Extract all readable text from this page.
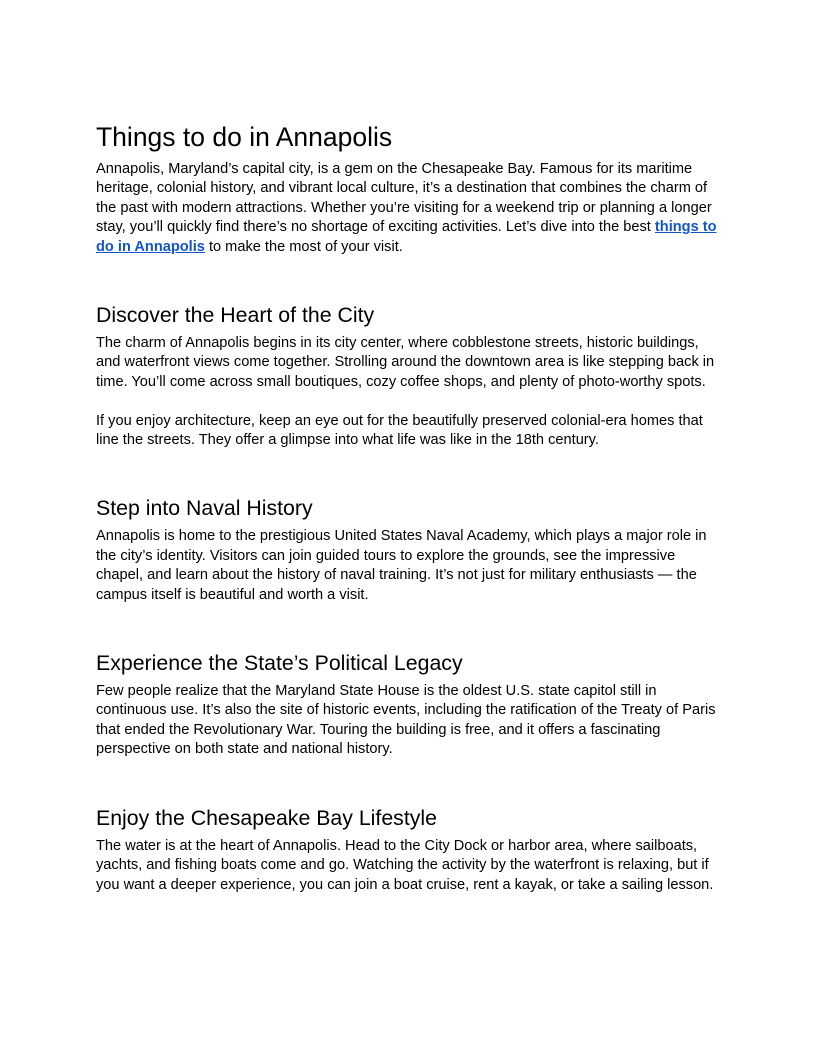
Things to do in Annapolis

Annapolis, Maryland’s capital city, is a gem on the Chesapeake Bay. Famous for its maritime heritage, colonial history, and vibrant local culture, it’s a destination that combines the charm of the past with modern attractions. Whether you’re visiting for a weekend trip or planning a longer stay, you’ll quickly find there’s no shortage of exciting activities. Let’s dive into the best things to do in Annapolis to make the most of your visit.

Discover the Heart of the City

The charm of Annapolis begins in its city center, where cobblestone streets, historic buildings, and waterfront views come together. Strolling around the downtown area is like stepping back in time. You’ll come across small boutiques, cozy coffee shops, and plenty of photo-worthy spots.

If you enjoy architecture, keep an eye out for the beautifully preserved colonial-era homes that line the streets. They offer a glimpse into what life was like in the 18th century.

Step into Naval History

Annapolis is home to the prestigious United States Naval Academy, which plays a major role in the city’s identity. Visitors can join guided tours to explore the grounds, see the impressive chapel, and learn about the history of naval training. It’s not just for military enthusiasts — the campus itself is beautiful and worth a visit.

Experience the State’s Political Legacy

Few people realize that the Maryland State House is the oldest U.S. state capitol still in continuous use. It’s also the site of historic events, including the ratification of the Treaty of Paris that ended the Revolutionary War. Touring the building is free, and it offers a fascinating perspective on both state and national history.

Enjoy the Chesapeake Bay Lifestyle

The water is at the heart of Annapolis. Head to the City Dock or harbor area, where sailboats, yachts, and fishing boats come and go. Watching the activity by the waterfront is relaxing, but if you want a deeper experience, you can join a boat cruise, rent a kayak, or take a sailing lesson.
